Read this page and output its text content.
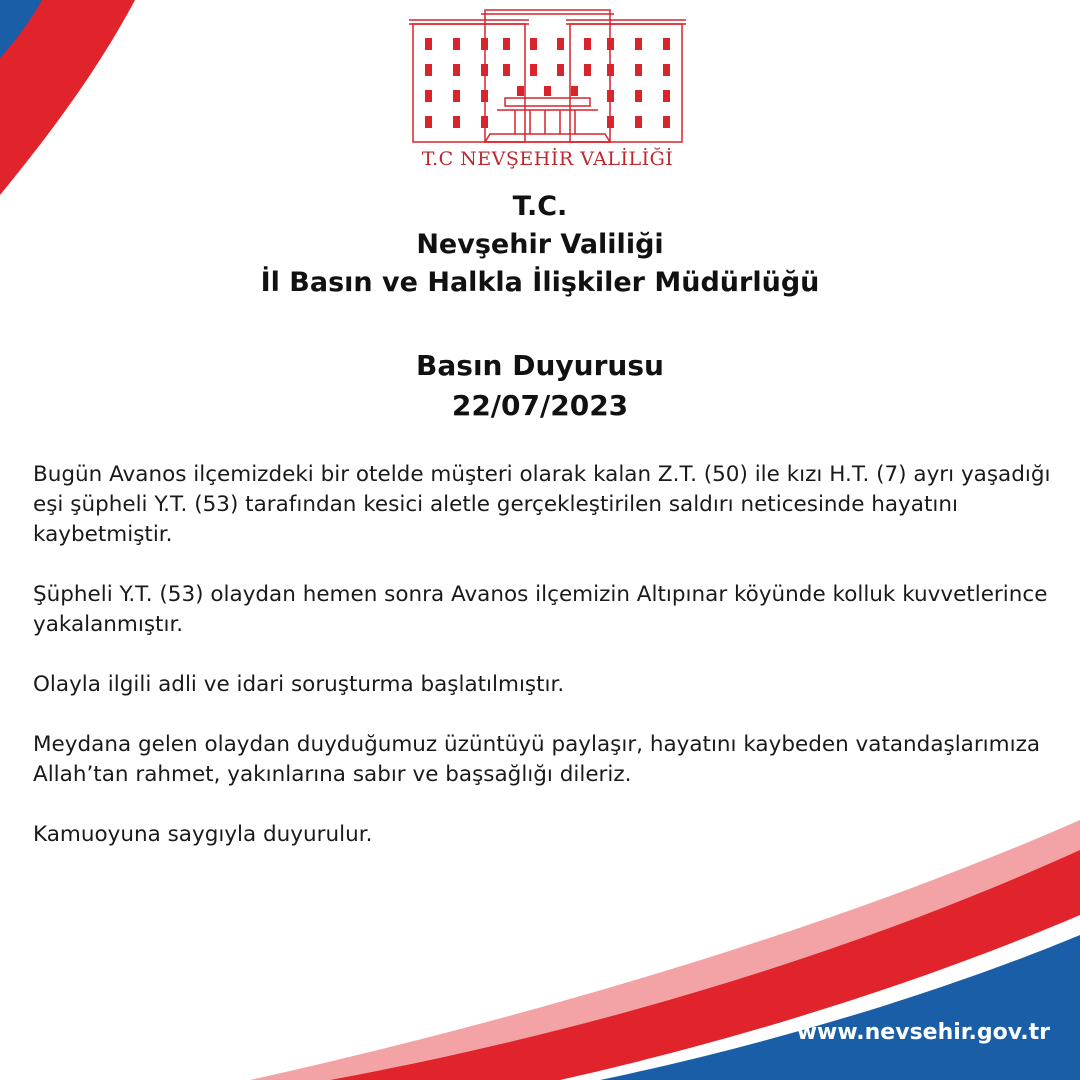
T.C NEVŞEHİR VALİLİĞİ
T.C.
Nevşehir Valiliği
İl Basın ve Halkla İlişkiler Müdürlüğü
Basın Duyurusu
22/07/2023

Bugün Avanos ilçemizdeki bir otelde müşteri olarak kalan Z.T. (50) ile kızı H.T. (7) ayrı yaşadığı eşi şüpheli Y.T. (53) tarafından kesici aletle gerçekleştirilen saldırı neticesinde hayatını kaybetmiştir.

Şüpheli Y.T. (53) olaydan hemen sonra Avanos ilçemizin Altıpınar köyünde kolluk kuvvetlerince yakalanmıştır.

Olayla ilgili adli ve idari soruşturma başlatılmıştır.

Meydana gelen olaydan duyduğumuz üzüntüyü paylaşır, hayatını kaybeden vatandaşlarımıza Allah’tan rahmet, yakınlarına sabır ve başsağlığı dileriz.

Kamuoyuna saygıyla duyurulur.

www.nevsehir.gov.tr
